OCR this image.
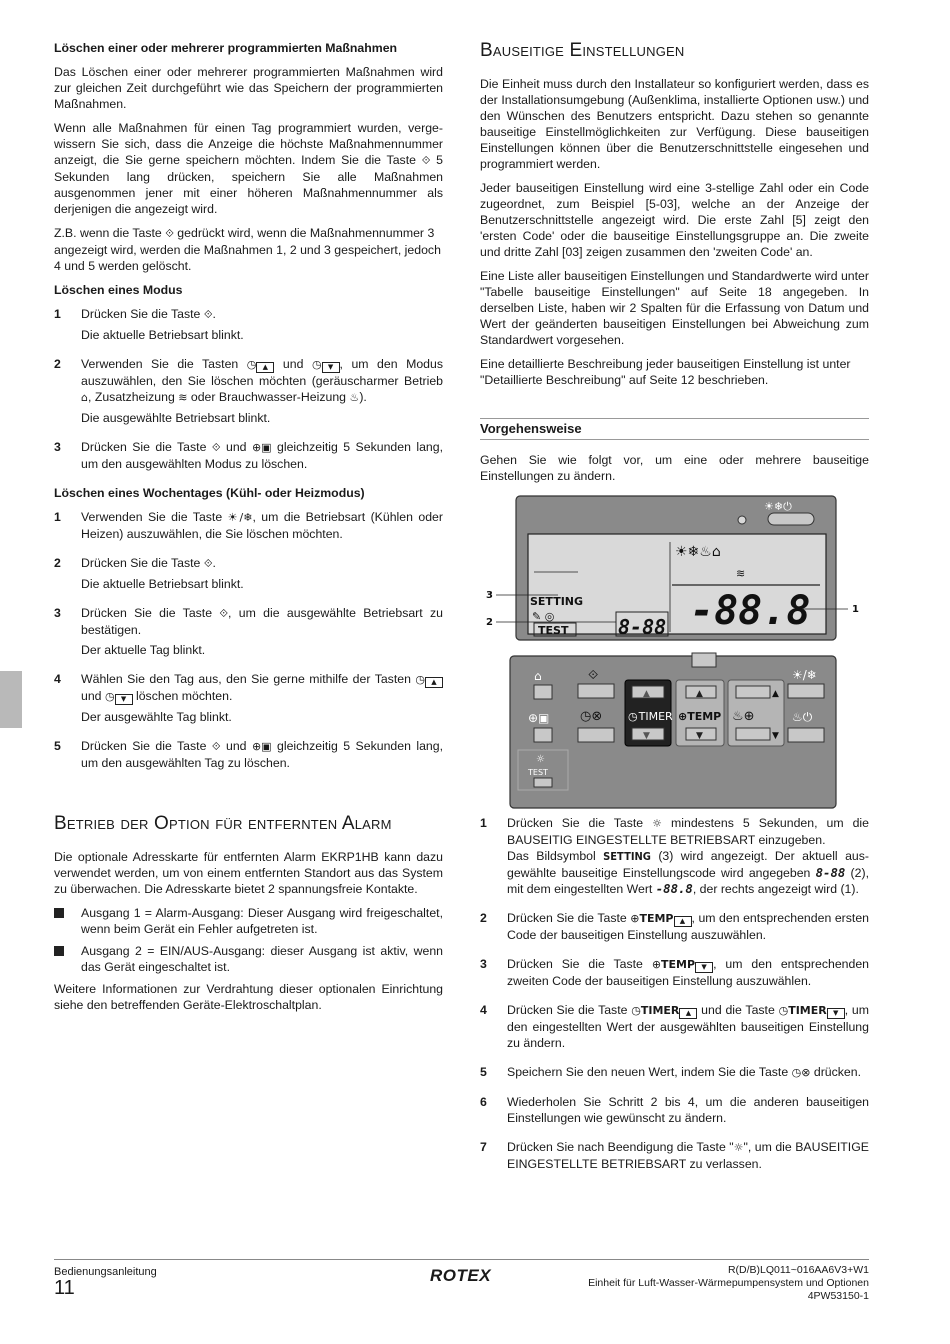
Löschen einer oder mehrerer programmierten Maßnahmen

Das Löschen einer oder mehrerer programmierten Maßnahmen wird zur gleichen Zeit durchgeführt wie das Speichern der programmierten Maßnahmen.

Wenn alle Maßnahmen für einen Tag programmiert wurden, verge-wissern Sie sich, dass die Anzeige die höchste Maßnahmennummer anzeigt, die Sie gerne speichern möchten. Indem Sie die Taste ⟐ 5 Sekunden lang drücken, speichern Sie alle Maßnahmen ausgenommen jener mit einer höheren Maßnahmennummer als derjenigen die angezeigt wird.

Z.B. wenn die Taste ⟐ gedrückt wird, wenn die Maßnahmennummer 3 angezeigt wird, werden die Maßnahmen 1, 2 und 3 gespeichert, jedoch 4 und 5 werden gelöscht.

Löschen eines Modus
1	Drücken Sie die Taste ⟐.

Die aktuelle Betriebsart blinkt.

2	Verwenden Sie die Tasten ◷ ▲ und ◷ ▼ , um den Modus auszuwählen, den Sie löschen möchten (geräuscharmer Betrieb ⌂, Zusatzheizung ≋ oder Brauchwasser-Heizung ♨).

Die ausgewählte Betriebsart blinkt.

3	Drücken Sie die Taste ⟐ und ⊕▣ gleichzeitig 5 Sekunden lang, um den ausgewählten Modus zu löschen.

Löschen eines Wochentages (Kühl- oder Heizmodus)
1	Verwenden Sie die Taste ☀/❄, um die Betriebsart (Kühlen oder Heizen) auszuwählen, die Sie löschen möchten.

2	Drücken Sie die Taste ⟐.

Die aktuelle Betriebsart blinkt.

3	Drücken Sie die Taste ⟐, um die ausgewählte Betriebsart zu bestätigen.

Der aktuelle Tag blinkt.

4	Wählen Sie den Tag aus, den Sie gerne mithilfe der Tasten ◷ ▲ und ◷ ▼ löschen möchten.

Der ausgewählte Tag blinkt.

5	Drücken Sie die Taste ⟐ und ⊕▣ gleichzeitig 5 Sekunden lang, um den ausgewählten Tag zu löschen.

Betrieb der Option für entfernten Alarm

Die optionale Adresskarte für entfernten Alarm EKRP1HB kann dazu verwendet werden, um von einem entfernten Standort aus das System zu überwachen. Die Adresskarte bietet 2 spannungsfreie Kontakte.

Ausgang 1 = Alarm-Ausgang: Dieser Ausgang wird freigeschaltet, wenn beim Gerät ein Fehler aufgetreten ist.
Ausgang 2 = EIN/AUS-Ausgang: dieser Ausgang ist aktiv, wenn das Gerät eingeschaltet ist.

Weitere Informationen zur Verdrahtung dieser optionalen Einrichtung siehe den betreffenden Geräte-Elektroschaltplan.

Bauseitige Einstellungen

Die Einheit muss durch den Installateur so konfiguriert werden, dass es der Installationsumgebung (Außenklima, installierte Optionen usw.) und den Wünschen des Benutzers entspricht. Dazu stehen so genannte bauseitige Einstellmöglichkeiten zur Verfügung. Diese bauseitigen Einstellungen können über die Benutzerschnittstelle eingesehen und programmiert werden.

Jeder bauseitigen Einstellung wird eine 3-stellige Zahl oder ein Code zugeordnet, zum Beispiel [5-03], welche an der Anzeige der Benutzerschnittstelle angezeigt wird. Die erste Zahl [5] zeigt den 'ersten Code' oder die bauseitige Einstellungsgruppe an. Die zweite und dritte Zahl [03] zeigen zusammen den 'zweiten Code' an.

Eine Liste aller bauseitigen Einstellungen und Standardwerte wird unter "Tabelle bauseitige Einstellungen" auf Seite 18 angegeben. In derselben Liste, haben wir 2 Spalten für die Erfassung von Datum und Wert der geänderten bauseitigen Einstellungen bei Abweichung zum Standardwert vorgesehen.

Eine detaillierte Beschreibung jeder bauseitigen Einstellung ist unter "Detaillierte Beschreibung" auf Seite 12 beschrieben.

Vorgehensweise

Gehen Sie wie folgt vor, um eine oder mehrere bauseitige Einstellungen zu ändern.

☀❄⏻
☀❄♨⌂
≋
SETTING
✎ ◎
TEST 8-88 -88.8
3
2
1
⌂
⊕▣
☼
TEST
⟐
◷⊗
▲
◷TIMER
▼
▲
⊕TEMP
▼
▲
♨⊕
▼
☀/❄
♨⏻
1	Drücken Sie die Taste ☼ mindestens 5 Sekunden, um die BAUSEITIG EINGESTELLTE BETRIEBSART einzugeben.
Das Bildsymbol SETTING (3) wird angezeigt. Der aktuell aus-gewählte bauseitige Einstellungscode wird angegeben 8-88 (2), mit dem eingestellten Wert -88.8, der rechts angezeigt wird (1).

2	Drücken Sie die Taste ⊕TEMP ▲ , um den entsprechenden ersten Code der bauseitigen Einstellung auszuwählen.

3	Drücken Sie die Taste ⊕TEMP ▼ , um den entsprechenden zweiten Code der bauseitigen Einstellung auszuwählen.

4	Drücken Sie die Taste ◷TIMER ▲ und die Taste ◷TIMER ▼ , um den eingestellten Wert der ausgewählten bauseitigen Einstellung zu ändern.

5	Speichern Sie den neuen Wert, indem Sie die Taste ◷⊗ drücken.

6	Wiederholen Sie Schritt 2 bis 4, um die anderen bauseitigen Einstellungen wie gewünscht zu ändern.

7	Drücken Sie nach Beendigung die Taste "☼", um die BAUSEITIGE EINGESTELLTE BETRIEBSART zu verlassen.

Bedienungsanleitung
11
ROTEX	R(D/B)LQ011~016AA6V3+W1
Einheit für Luft-Wasser-Wärmepumpensystem und Optionen
4PW53150-1
